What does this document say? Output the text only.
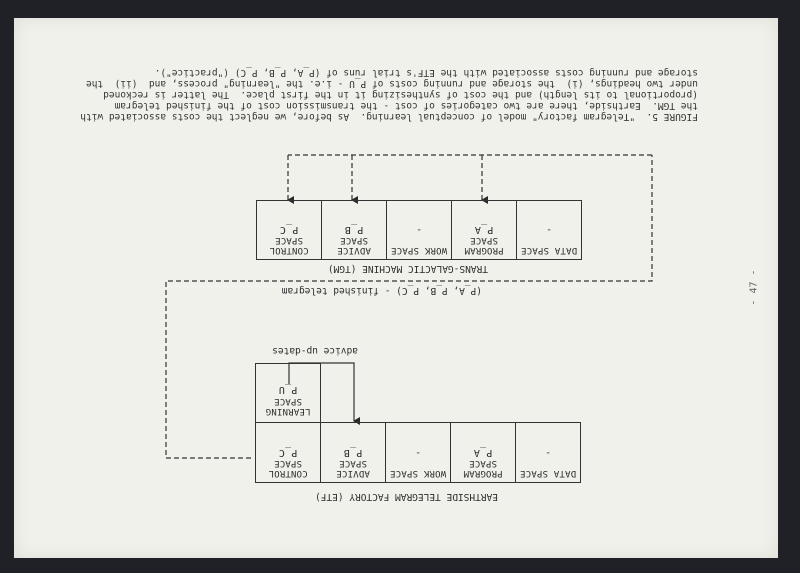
FIGURE 5.  "Telegram factory" model of conceptual learning.  As before, we neglect the costs associated with
the TGM.  Earthside, there are two categories of cost - the transmission cost of the finished telegram
(proportional to its length) and the cost of synthesizing it in the first place.  The latter is reckoned
under two headings, (i)  the storage and running costs of P_U - i.e. the "learning" process, and  (ii)  the
storage and running costs associated with the ETF's trial runs of (P_A, P_B, P_C) ("practice").
- 47 -
DATA SPACE
-
PROGRAM
SPACE
P_A
WORK SPACE
-
ADVICE
SPACE
P_B
CONTROL
SPACE
P_C
LEARNING
SPACE
P_U
EARTHSIDE TELEGRAM FACTORY (ETF)
advice up-dates
(P_A, P_B, P_C) - finished telegram
TRANS-GALACTIC MACHINE (TGM)
DATA SPACE
-
PROGRAM
SPACE
P_A
WORK SPACE
-
ADVICE
SPACE
P_B
CONTROL
SPACE
P_C
